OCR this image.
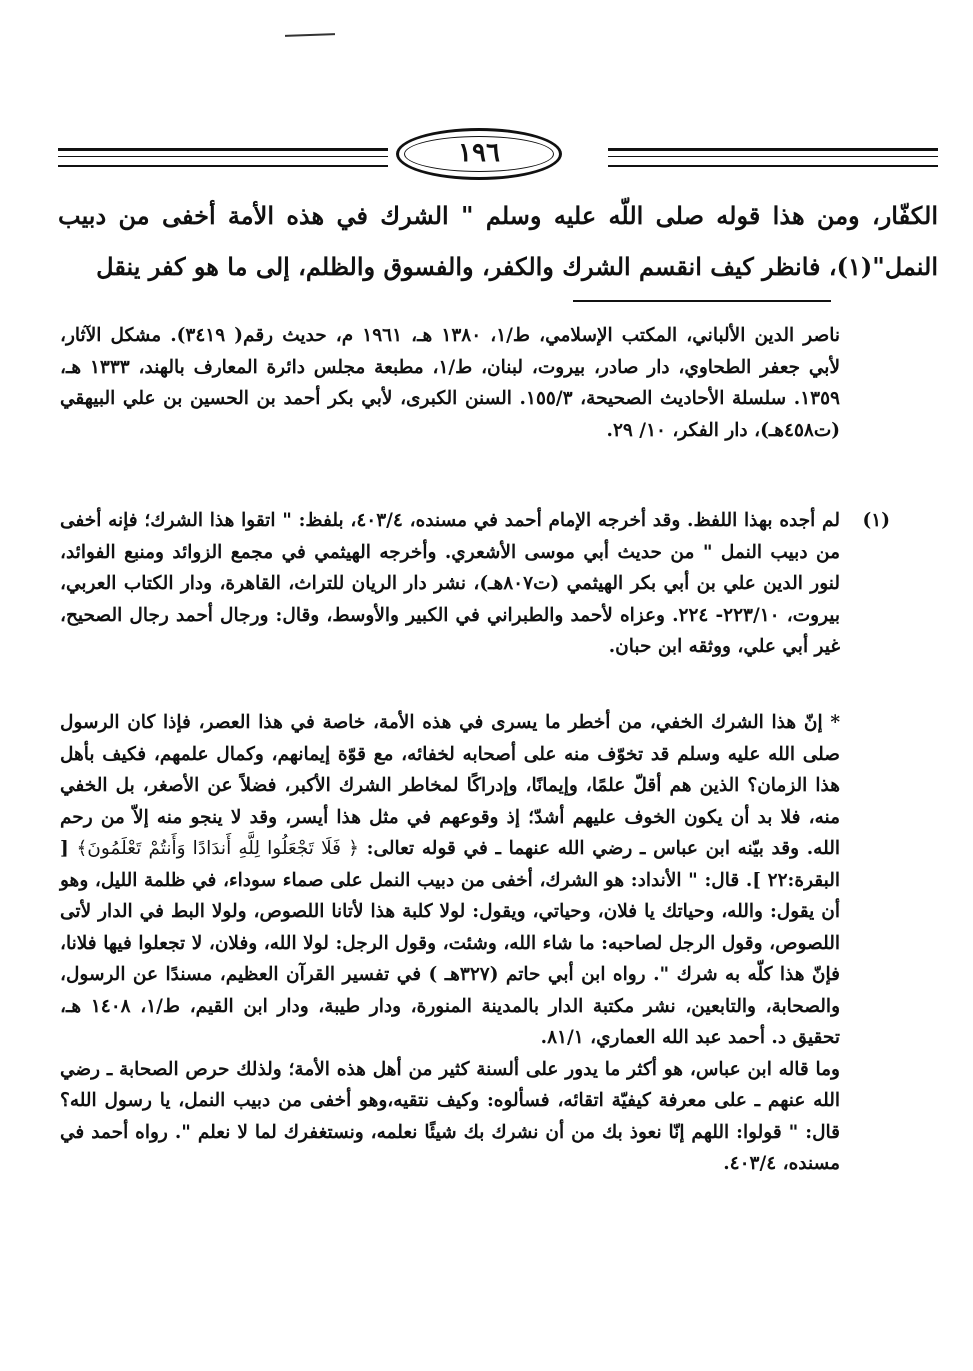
١٩٦

الكفّار، ومن هذا قوله صلى اللّه عليه وسلم " الشرك في هذه الأمة أخفى من دبيب النمل"(١)، فانظر كيف انقسم الشرك والكفر، والفسوق والظلم، إلى ما هو كفر ينقل

ناصر الدين الألباني، المكتب الإسلامي، ط/١، ١٣٨٠ هـ، ١٩٦١ م، حديث رقم( ٣٤١٩). مشكل الآثار، لأبي جعفر الطحاوي، دار صادر، بيروت، لبنان، ط/١، مطبعة مجلس دائرة المعارف بالهند، ١٣٣٣ هـ، ١٣٥٩. سلسلة الأحاديث الصحيحة، ١٥٥/٣. السنن الكبرى، لأبي بكر أحمد بن الحسين بن علي البيهقي (ت٤٥٨هـ)، دار الفكر، ١٠/ ٢٩.

(١)

لم أجده بهذا اللفظ. وقد أخرجه الإمام أحمد في مسنده، ٤٠٣/٤، بلفظ: " اتقوا هذا الشرك؛ فإنه أخفى من دبيب النمل " من حديث أبي موسى الأشعري. وأخرجه الهيثمي في مجمع الزوائد ومنبع الفوائد، لنور الدين علي بن أبي بكر الهيثمي (ت٨٠٧هـ)، نشر دار الريان للتراث، القاهرة، ودار الكتاب العربي، بيروت، ٢٢٣/١٠- ٢٢٤. وعزاه لأحمد والطبراني في الكبير والأوسط، وقال: ورجال أحمد رجال الصحيح، غير أبي علي، ووثقه ابن حبان.

* إنّ هذا الشرك الخفي، من أخطر ما يسرى في هذه الأمة، خاصة في هذا العصر، فإذا كان الرسول صلى الله عليه وسلم قد تخوّف منه على أصحابه لخفائه، مع قوّة إيمانهم، وكمال علمهم، فكيف بأهل هذا الزمان؟ الذين هم أقلّ علمًا، وإيمانًا، وإدراكًا لمخاطر الشرك الأكبر، فضلاً عن الأصغر، بل الخفي منه، فلا بد أن يكون الخوف عليهم أشدّ؛ إذ وقوعهم في مثل هذا أيسر، وقد لا ينجو منه إلاّ من رحم الله. وقد بيّنه ابن عباس ـ رضي الله عنهما ـ في قوله تعالى: ﴿ فَلَا تَجْعَلُوا لِلَّهِ أَندَادًا وَأَنتُمْ تَعْلَمُونَ﴾ [ البقرة:٢٢ ]. قال: " الأنداد: هو الشرك، أخفى من دبيب النمل على صماء سوداء، في ظلمة الليل، وهو أن يقول: والله، وحياتك يا فلان، وحياتي، ويقول: لولا كلبة هذا لأتانا اللصوص، ولولا البط في الدار لأتى اللصوص، وقول الرجل لصاحبه: ما شاء الله، وشئت، وقول الرجل: لولا الله، وفلان، لا تجعلوا فيها فلانا، فإنّ هذا كلّه به شرك ". رواه ابن أبي حاتم (٣٢٧هـ ) في تفسير القرآن العظيم، مسندًا عن الرسول، والصحابة، والتابعين، نشر مكتبة الدار بالمدينة المنورة، ودار طيبة، ودار ابن القيم، ط/١، ١٤٠٨ هـ، تحقيق د. أحمد عبد الله العماري، ٨١/١.

وما قاله ابن عباس، هو أكثر ما يدور على ألسنة كثير من أهل هذه الأمة؛ ولذلك حرص الصحابة ـ رضي الله عنهم ـ على معرفة كيفيّة اتقائه، فسألوه: وكيف نتقيه،وهو أخفى من دبيب النمل، يا رسول الله؟ قال: " قولوا: اللهم إنّا نعوذ بك من أن نشرك بك شيئًا نعلمه، ونستغفرك لما لا نعلم ". رواه أحمد في مسنده، ٤٠٣/٤.
